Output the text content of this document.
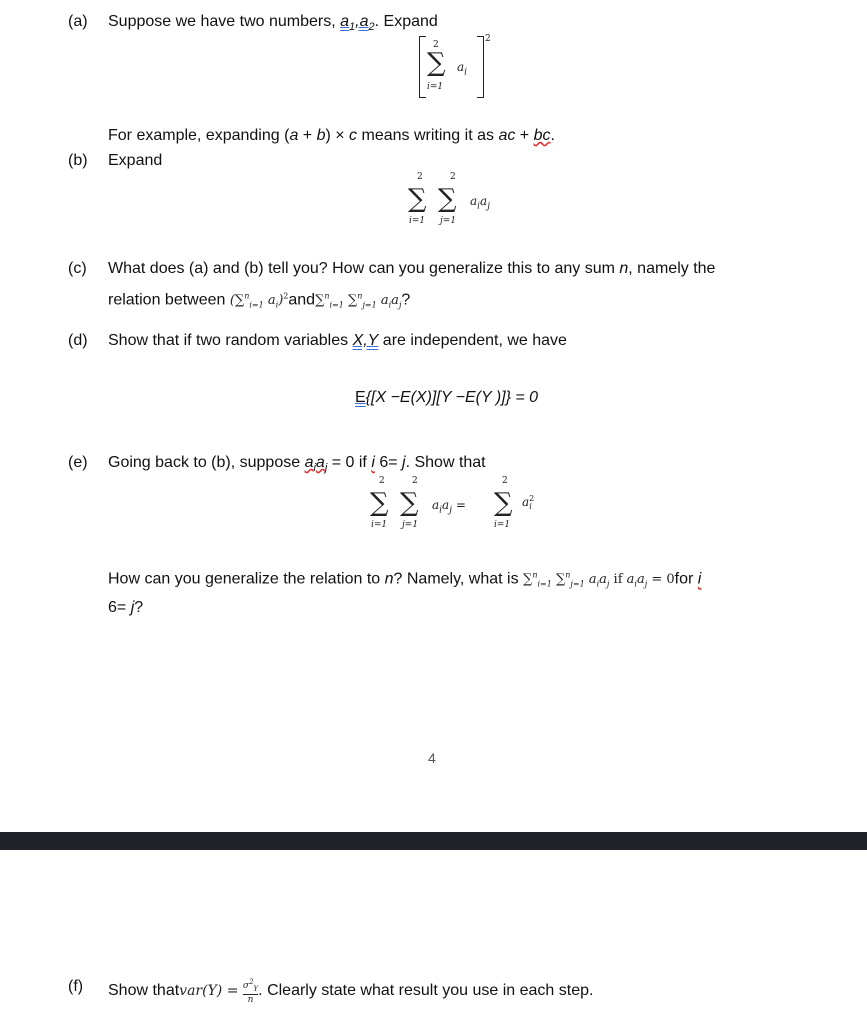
(a) Suppose we have two numbers, $a_1,a_2$. Expand
2
∑
i=1
$a_i$
2
For example, expanding (a + b) × c means writing it as ac + bc.
(b) Expand
2	2
∑ ∑
i=1 j=1
$a_ia_j$
(c) What does (a) and (b) tell you? How can you generalize this to any sum n, namely the
relation between (∑$^n_{i=1}$ $a_i)^2and\sum^n_{i=1}$ ∑$^n_{j=1}$ $a_ia_j$?
(d) Show that if two random variables X,Y are independent, we have
E{[X −E(X)][Y −E(Y )]} = 0
(e) Going back to (b), suppose $a_ia_j = 0$ if i 6= j. Show that
2	2
∑ ∑
i=1 j=1
$a_ia_j$ =
2
∑
i=1
$a^2_i$
How can you generalize the relation to n? Namely, what is ∑$^n_{i=1}$ ∑$^n_{j=1}$ $a_ia_j$ if $a_ia_j = 0for$ i
6= j?
4
(f) Show thatvar(Y) = $\frac{\sigma^2_Y}{n}$ . Clearly state what result you use in each step.
